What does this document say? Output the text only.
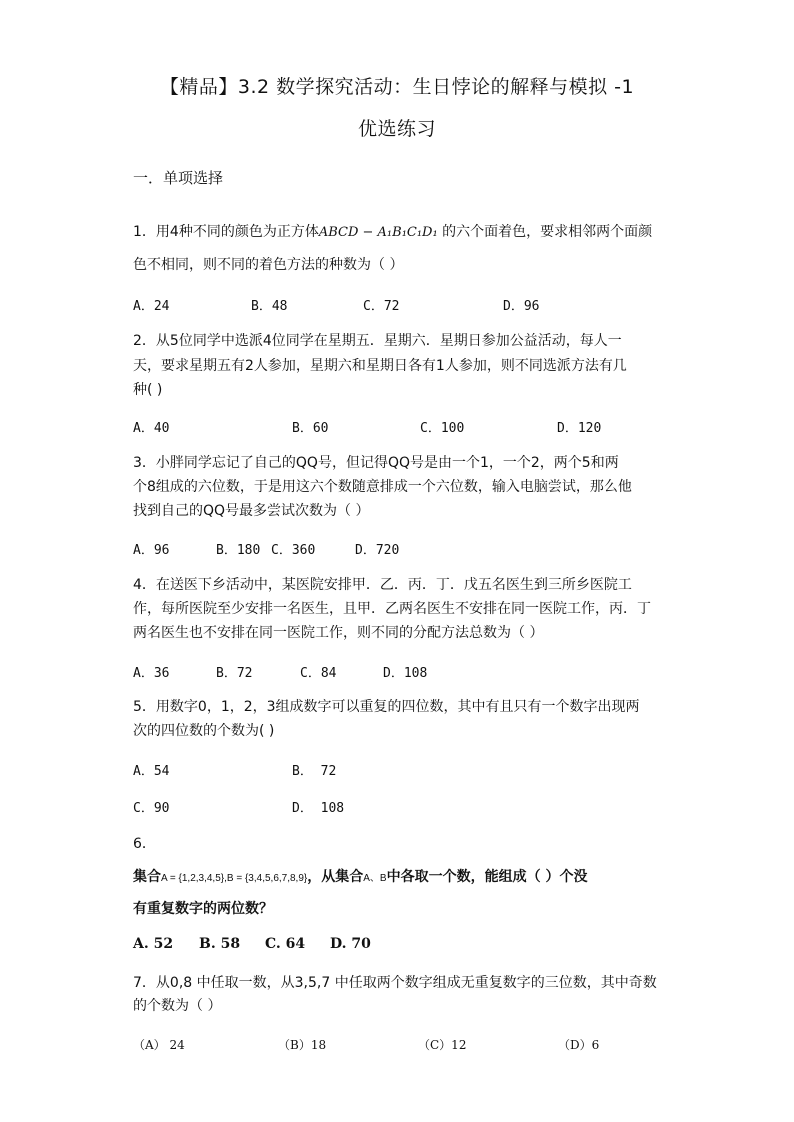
【精品】3.2 数学探究活动：生日悖论的解释与模拟 -1
优选练习
一．单项选择
1．用4种不同的颜色为正方体ABCD − A₁B₁C₁D₁ 的六个面着色，要求相邻两个面颜
色不相同，则不同的着色方法的种数为（ ）
A．24	B．48	C．72	D．96
2．从5位同学中选派4位同学在星期五．星期六．星期日参加公益活动，每人一
天，要求星期五有2人参加，星期六和星期日各有1人参加，则不同选派方法有几
种( )
A．40	B．60	C．100	D．120
3．小胖同学忘记了自己的QQ号，但记得QQ号是由一个1，一个2，两个5和两
个8组成的六位数，于是用这六个数随意排成一个六位数，输入电脑尝试，那么他
找到自己的QQ号最多尝试次数为（ ）
A．96	B．180 C．360	D．720
4．在送医下乡活动中，某医院安排甲．乙．丙．丁．戊五名医生到三所乡医院工
作，每所医院至少安排一名医生，且甲．乙两名医生不安排在同一医院工作，丙．丁
两名医生也不安排在同一医院工作，则不同的分配方法总数为（ ）
A．36	B．72	C．84	D．108
5．用数字0，1，2，3组成数字可以重复的四位数，其中有且只有一个数字出现两
次的四位数的个数为( )
A．54	B． 72
C．90	D． 108
6．
集合A = {1,2,3,4,5},B = {3,4,5,6,7,8,9}，从集合A、B中各取一个数，能组成（ ）个没
有重复数字的两位数？
A. 52 B. 58 C. 64 D. 70
7．从0,8 中任取一数，从3,5,7 中任取两个数字组成无重复数字的三位数，其中奇数
的个数为（ ）
（A） 24	（B）18	（C）12	（D）6
